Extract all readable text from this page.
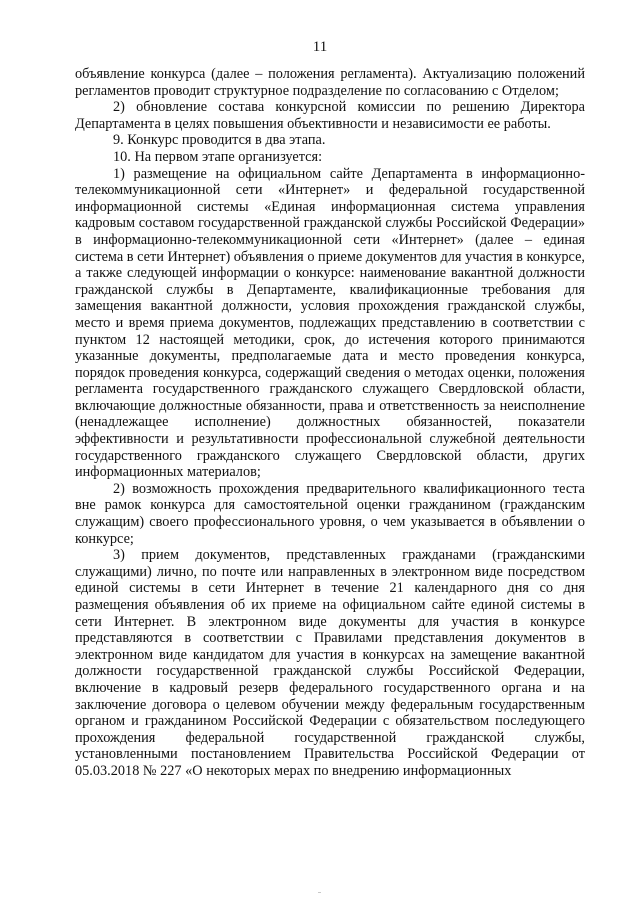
11

объявление конкурса (далее – положения регламента). Актуализацию положений регламентов проводит структурное подразделение по согласованию с Отделом;

2) обновление состава конкурсной комиссии по решению Директора Департамента в целях повышения объективности и независимости ее работы.

9. Конкурс проводится в два этапа.

10. На первом этапе организуется:

1) размещение на официальном сайте Департамента в информационно-телекоммуникационной сети «Интернет» и федеральной государственной информационной системы «Единая информационная система управления кадровым составом государственной гражданской службы Российской Федерации» в информационно-телекоммуникационной сети «Интернет» (далее – единая система в сети Интернет) объявления о приеме документов для участия в конкурсе, а также следующей информации о конкурсе: наименование вакантной должности гражданской службы в Департаменте, квалификационные требования для замещения вакантной должности, условия прохождения гражданской службы, место и время приема документов, подлежащих представлению в соответствии с пунктом 12 настоящей методики, срок, до истечения которого принимаются указанные документы, предполагаемые дата и место проведения конкурса, порядок проведения конкурса, содержащий сведения о методах оценки, положения регламента государственного гражданского служащего Свердловской области, включающие должностные обязанности, права и ответственность за неисполнение (ненадлежащее исполнение) должностных обязанностей, показатели эффективности и результативности профессиональной служебной деятельности государственного гражданского служащего Свердловской области, других информационных материалов;

2) возможность прохождения предварительного квалификационного теста вне рамок конкурса для самостоятельной оценки гражданином (гражданским служащим) своего профессионального уровня, о чем указывается в объявлении о конкурсе;

3) прием документов, представленных гражданами (гражданскими служащими) лично, по почте или направленных в электронном виде посредством единой системы в сети Интернет в течение 21 календарного дня со дня размещения объявления об их приеме на официальном сайте единой системы в сети Интернет. В электронном виде документы для участия в конкурсе представляются в соответствии с Правилами представления документов в электронном виде кандидатом для участия в конкурсах на замещение вакантной должности государственной гражданской службы Российской Федерации, включение в кадровый резерв федерального государственного органа и на заключение договора о целевом обучении между федеральным государственным органом и гражданином Российской Федерации с обязательством последующего прохождения федеральной государственной гражданской службы, установленными постановлением Правительства Российской Федерации от 05.03.2018 № 227 «О некоторых мерах по внедрению информационных
